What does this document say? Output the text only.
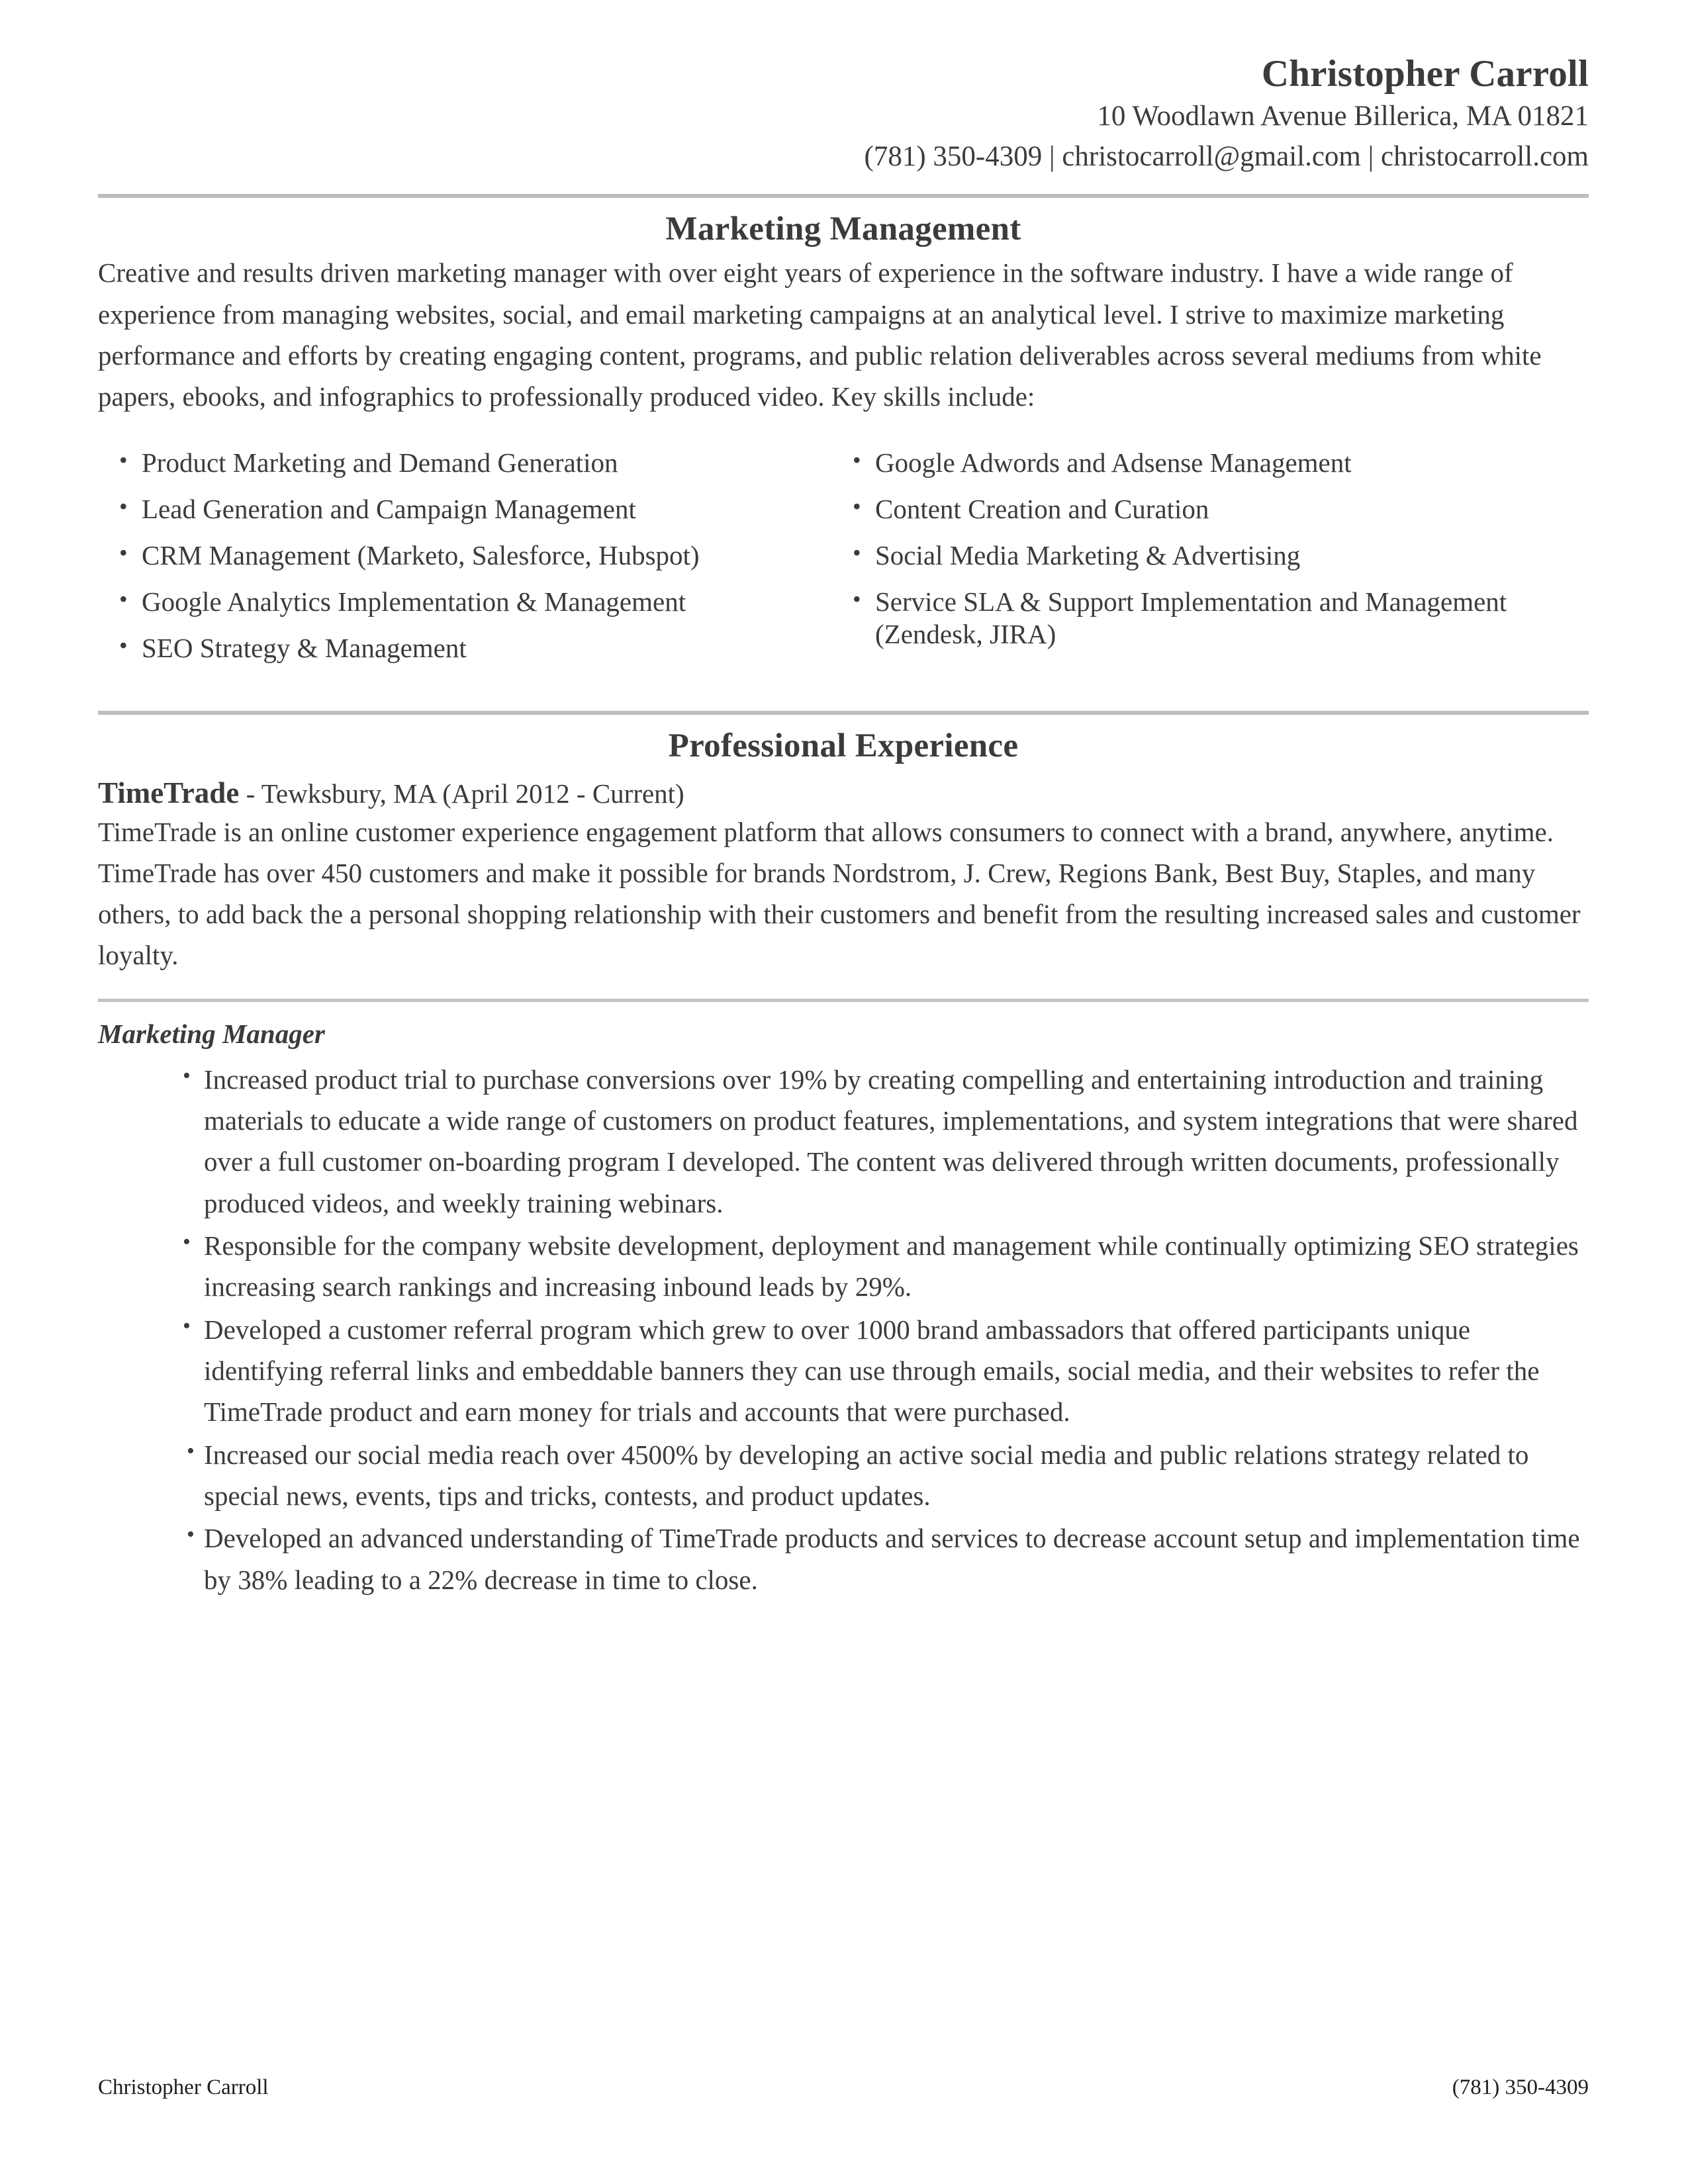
Christopher Carroll
10 Woodlawn Avenue Billerica, MA 01821
(781) 350-4309 | christocarroll@gmail.com | christocarroll.com
Marketing Management

Creative and results driven marketing manager with over eight years of experience in the software industry. I have a wide range of experience from managing websites, social, and email marketing campaigns at an analytical level. I strive to maximize marketing performance and efforts by creating engaging content, programs, and public relation deliverables across several mediums from white papers, ebooks, and infographics to professionally produced video. Key skills include:

• Product Marketing and Demand Generation
• Lead Generation and Campaign Management
• CRM Management (Marketo, Salesforce, Hubspot)
• Google Analytics Implementation & Management
• SEO Strategy & Management
• Google Adwords and Adsense Management
• Content Creation and Curation
• Social Media Marketing & Advertising
• Service SLA & Support Implementation and Management (Zendesk, JIRA)
Professional Experience
TimeTrade - Tewksbury, MA (April 2012 - Current)

TimeTrade is an online customer experience engagement platform that allows consumers to connect with a brand, anywhere, anytime. TimeTrade has over 450 customers and make it possible for brands Nordstrom, J. Crew, Regions Bank, Best Buy, Staples, and many others, to add back the a personal shopping relationship with their customers and benefit from the resulting increased sales and customer loyalty.

Marketing Manager
• Increased product trial to purchase conversions over 19% by creating compelling and entertaining introduction and training materials to educate a wide range of customers on product features, implementations, and system integrations that were shared over a full customer on-boarding program I developed. The content was delivered through written documents, professionally produced videos, and weekly training webinars.
• Responsible for the company website development, deployment and management while continually optimizing SEO strategies increasing search rankings and increasing inbound leads by 29%.
• Developed a customer referral program which grew to over 1000 brand ambassadors that offered participants unique identifying referral links and embeddable banners they can use through emails, social media, and their websites to refer the TimeTrade product and earn money for trials and accounts that were purchased.
• Increased our social media reach over 4500% by developing an active social media and public relations strategy related to special news, events, tips and tricks, contests, and product updates.
• Developed an advanced understanding of TimeTrade products and services to decrease account setup and implementation time by 38% leading to a 22% decrease in time to close.
Christopher Carroll	(781) 350-4309
